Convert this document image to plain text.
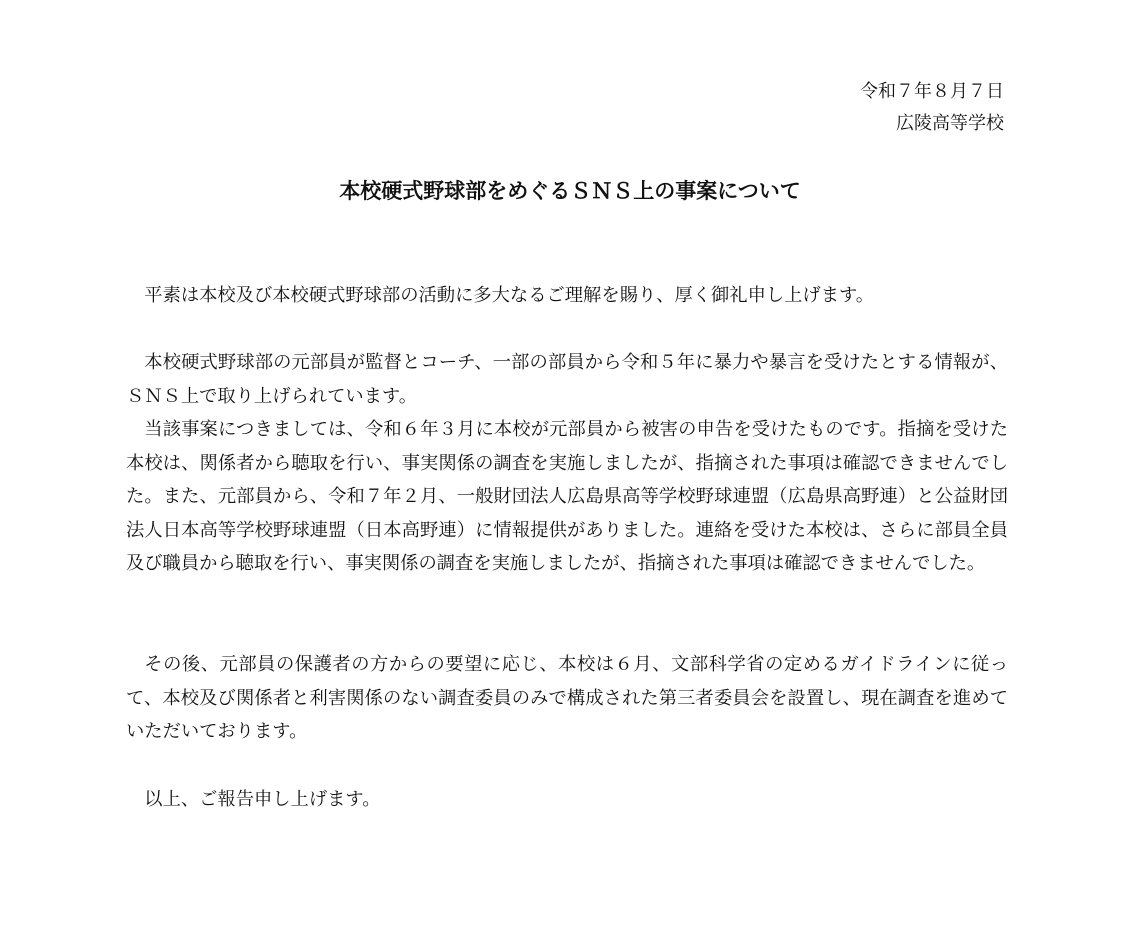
令和７年８月７日
広陵高等学校
本校硬式野球部をめぐるＳＮＳ上の事案について

平素は本校及び本校硬式野球部の活動に多大なるご理解を賜り、厚く御礼申し上げます。

本校硬式野球部の元部員が監督とコーチ、一部の部員から令和５年に暴力や暴言を受けたとする情報が、ＳＮＳ上で取り上げられています。

当該事案につきましては、令和６年３月に本校が元部員から被害の申告を受けたものです。指摘を受けた本校は、関係者から聴取を行い、事実関係の調査を実施しましたが、指摘された事項は確認できませんでした。また、元部員から、令和７年２月、一般財団法人広島県高等学校野球連盟（広島県高野連）と公益財団法人日本高等学校野球連盟（日本高野連）に情報提供がありました。連絡を受けた本校は、さらに部員全員及び職員から聴取を行い、事実関係の調査を実施しましたが、指摘された事項は確認できませんでした。

その後、元部員の保護者の方からの要望に応じ、本校は６月、文部科学省の定めるガイドラインに従って、本校及び関係者と利害関係のない調査委員のみで構成された第三者委員会を設置し、現在調査を進めていただいております。

以上、ご報告申し上げます。
